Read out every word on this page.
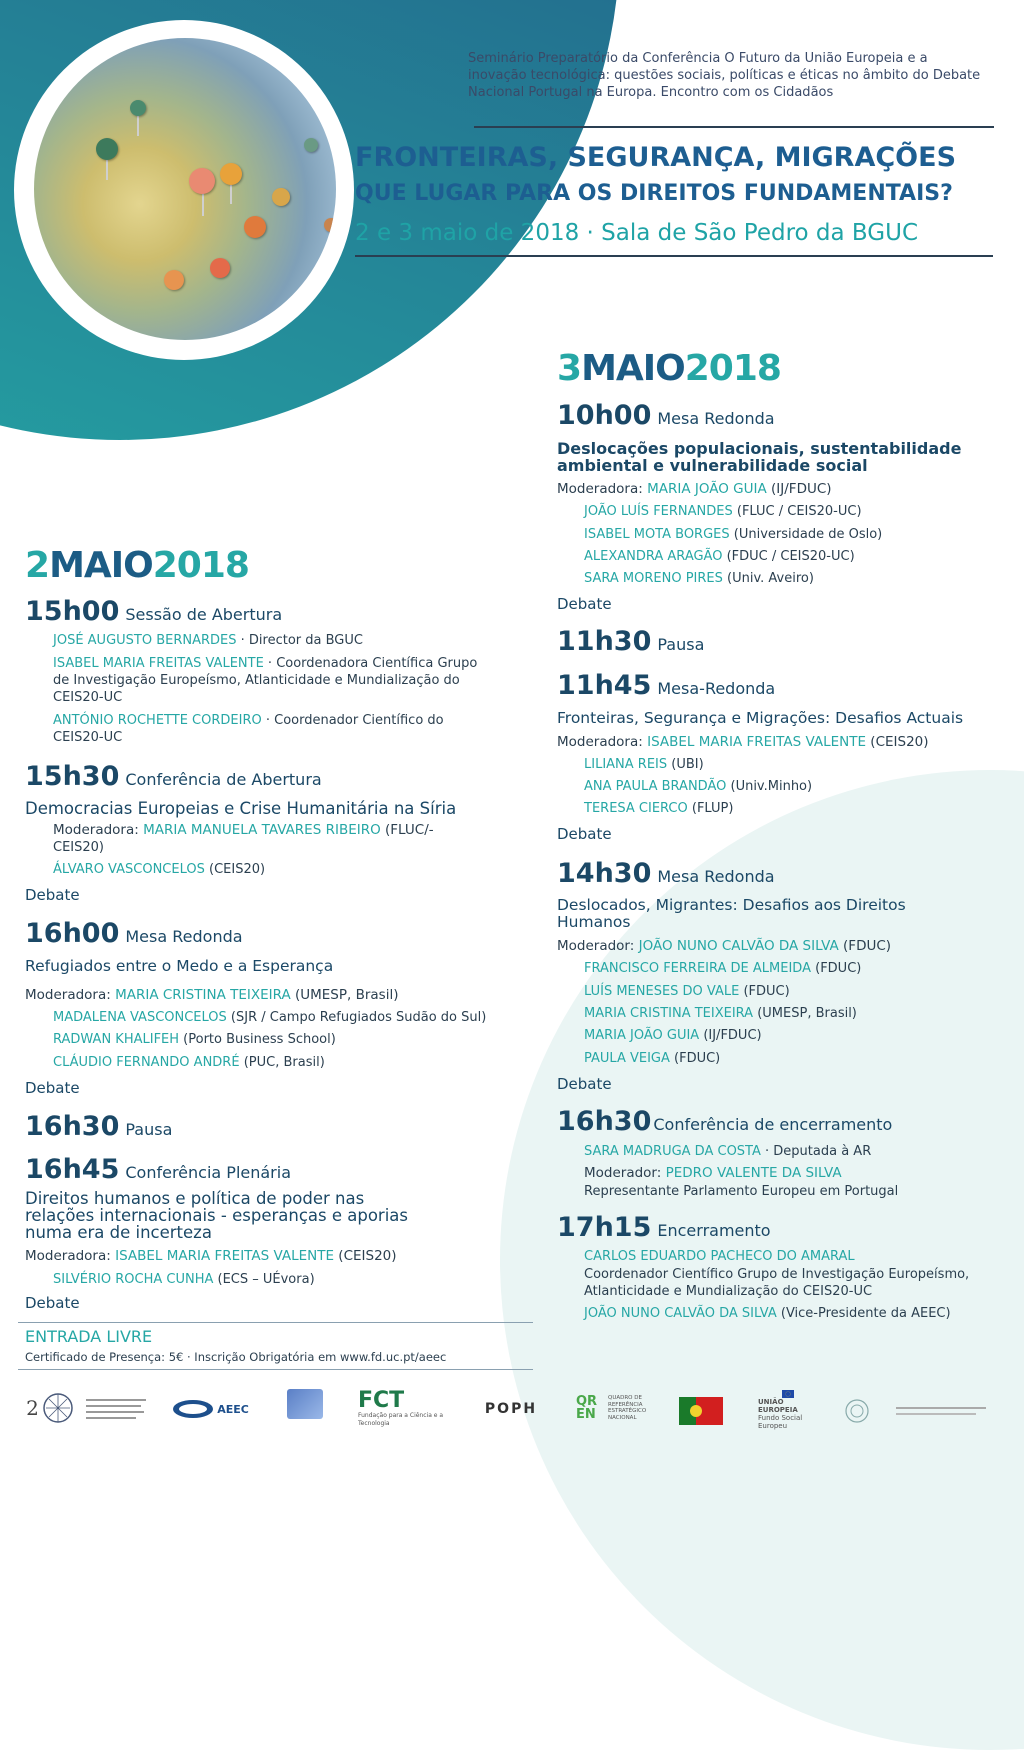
Seminário Preparatório da Conferência O Futuro da União Europeia e a inovação tecnológica: questões sociais, políticas e éticas no âmbito do Debate Nacional Portugal na Europa. Encontro com os Cidadãos
FRONTEIRAS, SEGURANÇA, MIGRAÇÕES
QUE LUGAR PARA OS DIREITOS FUNDAMENTAIS?
2 e 3 maio de 2018 · Sala de São Pedro da BGUC
3MAIO2018
10h00 Mesa Redonda
Deslocações populacionais, sustentabilidade
ambiental e vulnerabilidade social
Moderadora: MARIA JOÃO GUIA (IJ/FDUC)
JOÃO LUÍS FERNANDES (FLUC / CEIS20-UC)
ISABEL MOTA BORGES (Universidade de Oslo)
ALEXANDRA ARAGÃO (FDUC / CEIS20-UC)
SARA MORENO PIRES (Univ. Aveiro)
Debate
11h30 Pausa
11h45 Mesa-Redonda
Fronteiras, Segurança e Migrações: Desafios Actuais
Moderadora: ISABEL MARIA FREITAS VALENTE (CEIS20)
LILIANA REIS (UBI)
ANA PAULA BRANDÃO (Univ.Minho)
TERESA CIERCO (FLUP)
Debate
14h30 Mesa Redonda
Deslocados, Migrantes: Desafios aos Direitos
Humanos
Moderador: JOÃO NUNO CALVÃO DA SILVA (FDUC)
FRANCISCO FERREIRA DE ALMEIDA (FDUC)
LUÍS MENESES DO VALE (FDUC)
MARIA CRISTINA TEIXEIRA (UMESP, Brasil)
MARIA JOÃO GUIA (IJ/FDUC)
PAULA VEIGA (FDUC)
Debate
16h30 Conferência de encerramento
SARA MADRUGA DA COSTA · Deputada à AR
Moderador: PEDRO VALENTE DA SILVA
Representante Parlamento Europeu em Portugal
17h15 Encerramento
CARLOS EDUARDO PACHECO DO AMARAL
Coordenador Científico Grupo de Investigação Europeísmo,
Atlanticidade e Mundialização do CEIS20-UC
JOÃO NUNO CALVÃO DA SILVA (Vice-Presidente da AEEC)
2MAIO2018
15h00 Sessão de Abertura
JOSÉ AUGUSTO BERNARDES · Director da BGUC
ISABEL MARIA FREITAS VALENTE · Coordenadora Científica Grupo
de Investigação Europeísmo, Atlanticidade e Mundialização do
CEIS20-UC
ANTÓNIO ROCHETTE CORDEIRO · Coordenador Científico do
CEIS20-UC
15h30 Conferência de Abertura
Democracias Europeias e Crise Humanitária na Síria
Moderadora: MARIA MANUELA TAVARES RIBEIRO (FLUC/-
CEIS20)
ÁLVARO VASCONCELOS (CEIS20)
Debate
16h00 Mesa Redonda
Refugiados entre o Medo e a Esperança
Moderadora: MARIA CRISTINA TEIXEIRA (UMESP, Brasil)
MADALENA VASCONCELOS (SJR / Campo Refugiados Sudão do Sul)
RADWAN KHALIFEH (Porto Business School)
CLÁUDIO FERNANDO ANDRÉ (PUC, Brasil)
Debate
16h30 Pausa
16h45 Conferência Plenária
Direitos humanos e política de poder nas
relações internacionais - esperanças e aporias
numa era de incerteza
Moderadora: ISABEL MARIA FREITAS VALENTE (CEIS20)
SILVÉRIO ROCHA CUNHA (ECS – UÉvora)
Debate
ENTRADA LIVRE
Certificado de Presença: 5€ · Inscrição Obrigatória em www.fd.uc.pt/aeec
2	AEEC	FCT
Fundação para a Ciência e a Tecnologia
POPH	QREN
QUADRO DE REFERÊNCIA ESTRATÉGICO NACIONAL
UNIÃO EUROPEIA
Fundo Social Europeu
